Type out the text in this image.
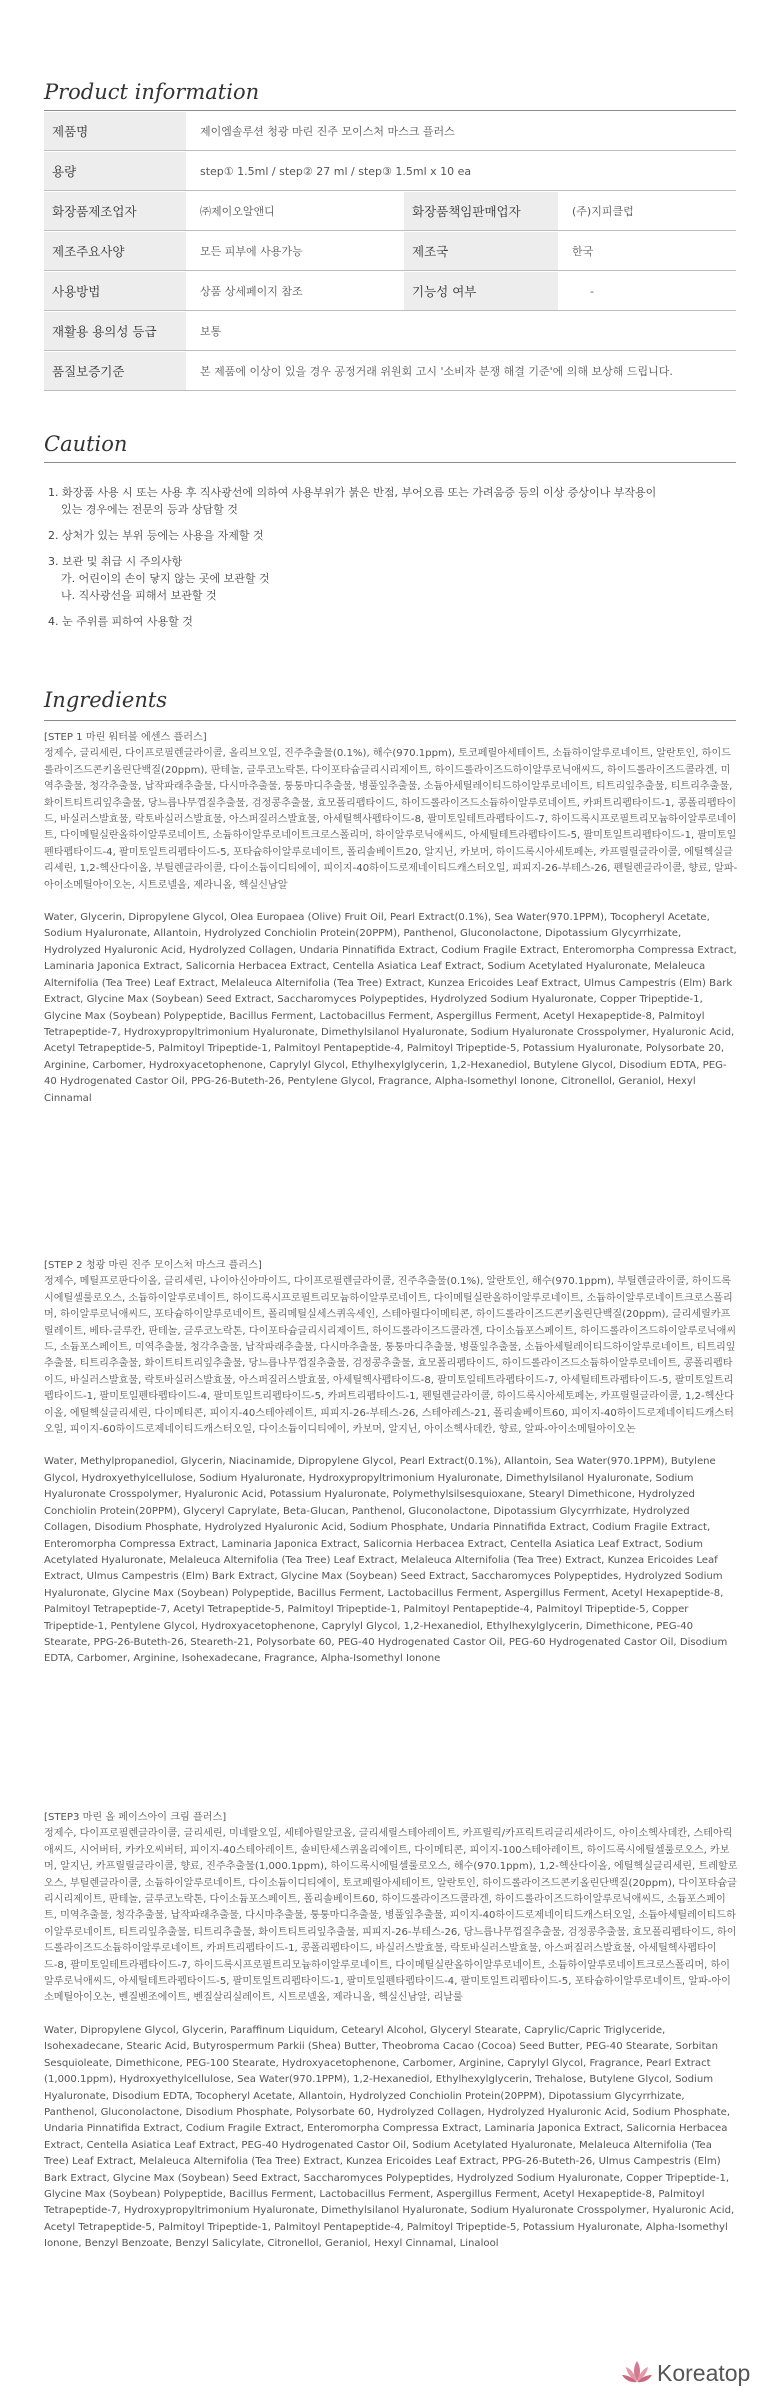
Product information
제품명	제이엠솔루션 청광 마린 진주 모이스처 마스크 플러스
용량	step① 1.5ml / step② 27 ml / step③ 1.5ml x 10 ea
화장품제조업자	㈜제이오알앤디	화장품책임판매업자	(주)지피클럽
제조주요사양	모든 피부에 사용가능	제조국	한국
사용방법	상품 상세페이지 참조	기능성 여부	-
재활용 용의성 등급	보통
품질보증기준	본 제품에 이상이 있을 경우 공정거래 위원회 고시 '소비자 분쟁 해결 기준'에 의해 보상해 드립니다.
Caution
1. 화장품 사용 시 또는 사용 후 직사광선에 의하여 사용부위가 붉은 반점, 부어오름 또는 가려움증 등의 이상 증상이나 부작용이
있는 경우에는 전문의 등과 상담할 것
2. 상처가 있는 부위 등에는 사용을 자제할 것
3. 보관 및 취급 시 주의사항
가. 어린이의 손이 닿지 않는 곳에 보관할 것
나. 직사광선을 피해서 보관할 것
4. 눈 주위를 피하여 사용할 것
Ingredients

[STEP 1 마린 워터볼 에센스 플러스]

정제수, 글리세린, 다이프로필렌글라이콜, 올리브오일, 진주추출물(0.1%), 해수(970.1ppm), 토코페릴아세테이트, 소듐하이알루로네이트, 알란토인, 하이드롤라이즈드콘키올린단백질(20ppm), 판테놀, 글루코노락톤, 다이포타슘글리시리제이트, 하이드롤라이즈드하이알루로닉애씨드, 하이드롤라이즈드콜라겐, 미역추출물, 청각추출물, 납작파래추출물, 다시마추출물, 퉁퉁마디추출물, 병풀잎추출물, 소듐아세틸레이티드하이알루로네이트, 티트리잎추출물, 티트리추출물, 화이트티트리잎추출물, 당느릅나무껍질추출물, 검정콩추출물, 효모폴리펩타이드, 하이드롤라이즈드소듐하이알루로네이트, 카퍼트리펩타이드-1, 콩폴리펩타이드, 바실러스발효물, 락토바실러스발효물, 아스퍼질러스발효물, 아세틸헥사펩타이드-8, 팔미토일테트라펩타이드-7, 하이드록시프로필트리모늄하이알루로네이트, 다이메틸실란올하이알루로네이트, 소듐하이알루로네이트크로스폴리머, 하이알루로닉애씨드, 아세틸테트라펩타이드-5, 팔미토일트리펩타이드-1, 팔미토일펜타펩타이드-4, 팔미토일트리펩타이드-5, 포타슘하이알루로네이트, 폴리솔베이트20, 알지닌, 카보머, 하이드록시아세토페논, 카프릴릴글라이콜, 에틸헥실글리세린, 1,2-헥산다이올, 부틸렌글라이콜, 다이소듐이디티에이, 피이지-40하이드로제네이티드캐스터오일, 피피지-26-부테스-26, 펜틸렌글라이콜, 향료, 알파-아이소메틸아이오논, 시트로넬올, 제라니올, 헥실신남알

Water, Glycerin, Dipropylene Glycol, Olea Europaea (Olive) Fruit Oil, Pearl Extract(0.1%), Sea Water(970.1PPM), Tocopheryl Acetate, Sodium Hyaluronate, Allantoin, Hydrolyzed Conchiolin Protein(20PPM), Panthenol, Gluconolactone, Dipotassium Glycyrrhizate, Hydrolyzed Hyaluronic Acid, Hydrolyzed Collagen, Undaria Pinnatifida Extract, Codium Fragile Extract, Enteromorpha Compressa Extract, Laminaria Japonica Extract, Salicornia Herbacea Extract, Centella Asiatica Leaf Extract, Sodium Acetylated Hyaluronate, Melaleuca Alternifolia (Tea Tree) Leaf Extract, Melaleuca Alternifolia (Tea Tree) Extract, Kunzea Ericoides Leaf Extract, Ulmus Campestris (Elm) Bark Extract, Glycine Max (Soybean) Seed Extract, Saccharomyces Polypeptides, Hydrolyzed Sodium Hyaluronate, Copper Tripeptide-1, Glycine Max (Soybean) Polypeptide, Bacillus Ferment, Lactobacillus Ferment, Aspergillus Ferment, Acetyl Hexapeptide-8, Palmitoyl Tetrapeptide-7, Hydroxypropyltrimonium Hyaluronate, Dimethylsilanol Hyaluronate, Sodium Hyaluronate Crosspolymer, Hyaluronic Acid, Acetyl Tetrapeptide-5, Palmitoyl Tripeptide-1, Palmitoyl Pentapeptide-4, Palmitoyl Tripeptide-5, Potassium Hyaluronate, Polysorbate 20, Arginine, Carbomer, Hydroxyacetophenone, Caprylyl Glycol, Ethylhexylglycerin, 1,2-Hexanediol, Butylene Glycol, Disodium EDTA, PEG-40 Hydrogenated Castor Oil, PPG-26-Buteth-26, Pentylene Glycol, Fragrance, Alpha-Isomethyl Ionone, Citronellol, Geraniol, Hexyl Cinnamal

[STEP 2 청광 마린 진주 모이스처 마스크 플러스]

정제수, 메틸프로판다이올, 글리세린, 나이아신아마이드, 다이프로필렌글라이콜, 진주추출물(0.1%), 알란토인, 해수(970.1ppm), 부틸렌글라이콜, 하이드록시에틸셀룰로오스, 소듐하이알루로네이트, 하이드록시프로필트리모늄하이알루로네이트, 다이메틸실란올하이알루로네이트, 소듐하이알루로네이트크로스폴리머, 하이알루로닉애씨드, 포타슘하이알루로네이트, 폴리메틸실세스퀴옥세인, 스테아릴다이메티콘, 하이드롤라이즈드콘키올린단백질(20ppm), 글리세릴카프릴레이트, 베타-글루칸, 판테놀, 글루코노락톤, 다이포타슘글리시리제이트, 하이드롤라이즈드콜라겐, 다이소듐포스페이트, 하이드롤라이즈드하이알루로닉애씨드, 소듐포스페이트, 미역추출물, 청각추출물, 납작파래추출물, 다시마추출물, 퉁퉁마디추출물, 병풀잎추출물, 소듐아세틸레이티드하이알루로네이트, 티트리잎추출물, 티트리추출물, 화이트티트리잎추출물, 당느릅나무껍질추출물, 검정콩추출물, 효모폴리펩타이드, 하이드롤라이즈드소듐하이알루로네이트, 콩폴리펩타이드, 바실러스발효물, 락토바실러스발효물, 아스퍼질러스발효물, 아세틸헥사펩타이드-8, 팔미토일테트라펩타이드-7, 아세틸테트라펩타이드-5, 팔미토일트리펩타이드-1, 팔미토일펜타펩타이드-4, 팔미토일트리펩타이드-5, 카퍼트리펩타이드-1, 펜틸렌글라이콜, 하이드록시아세토페논, 카프릴릴글라이콜, 1,2-헥산다이올, 에틸헥실글리세린, 다이메티콘, 피이지-40스테아레이트, 피피지-26-부테스-26, 스테아레스-21, 폴리솔베이트60, 피이지-40하이드로제네이티드캐스터오일, 피이지-60하이드로제네이티드캐스터오일, 다이소듐이디티에이, 카보머, 알지닌, 아이소헥사데칸, 향료, 알파-아이소메틸아이오논

Water, Methylpropanediol, Glycerin, Niacinamide, Dipropylene Glycol, Pearl Extract(0.1%), Allantoin, Sea Water(970.1PPM), Butylene Glycol, Hydroxyethylcellulose, Sodium Hyaluronate, Hydroxypropyltrimonium Hyaluronate, Dimethylsilanol Hyaluronate, Sodium Hyaluronate Crosspolymer, Hyaluronic Acid, Potassium Hyaluronate, Polymethylsilsesquioxane, Stearyl Dimethicone, Hydrolyzed Conchiolin Protein(20PPM), Glyceryl Caprylate, Beta-Glucan, Panthenol, Gluconolactone, Dipotassium Glycyrrhizate, Hydrolyzed Collagen, Disodium Phosphate, Hydrolyzed Hyaluronic Acid, Sodium Phosphate, Undaria Pinnatifida Extract, Codium Fragile Extract, Enteromorpha Compressa Extract, Laminaria Japonica Extract, Salicornia Herbacea Extract, Centella Asiatica Leaf Extract, Sodium Acetylated Hyaluronate, Melaleuca Alternifolia (Tea Tree) Leaf Extract, Melaleuca Alternifolia (Tea Tree) Extract, Kunzea Ericoides Leaf Extract, Ulmus Campestris (Elm) Bark Extract, Glycine Max (Soybean) Seed Extract, Saccharomyces Polypeptides, Hydrolyzed Sodium Hyaluronate, Glycine Max (Soybean) Polypeptide, Bacillus Ferment, Lactobacillus Ferment, Aspergillus Ferment, Acetyl Hexapeptide-8, Palmitoyl Tetrapeptide-7, Acetyl Tetrapeptide-5, Palmitoyl Tripeptide-1, Palmitoyl Pentapeptide-4, Palmitoyl Tripeptide-5, Copper Tripeptide-1, Pentylene Glycol, Hydroxyacetophenone, Caprylyl Glycol, 1,2-Hexanediol, Ethylhexylglycerin, Dimethicone, PEG-40 Stearate, PPG-26-Buteth-26, Steareth-21, Polysorbate 60, PEG-40 Hydrogenated Castor Oil, PEG-60 Hydrogenated Castor Oil, Disodium EDTA, Carbomer, Arginine, Isohexadecane, Fragrance, Alpha-Isomethyl Ionone

[STEP3 마린 올 페이스아이 크림 플러스]

정제수, 다이프로필렌글라이콜, 글리세린, 미네랄오일, 세테아릴알코올, 글리세릴스테아레이트, 카프릴릭/카프릭트리글리세라이드, 아이소헥사데칸, 스테아릭애씨드, 시어버터, 카카오씨버터, 피이지-40스테아레이트, 솔비탄세스퀴올리에이트, 다이메티콘, 피이지-100스테아레이트, 하이드록시에틸셀룰로오스, 카보머, 알지닌, 카프릴릴글라이콜, 향료, 진주추출물(1,000.1ppm), 하이드록시에틸셀룰로오스, 해수(970.1ppm), 1,2-헥산다이올, 에틸헥실글리세린, 트레할로오스, 부틸렌글라이콜, 소듐하이알루로네이트, 다이소듐이디티에이, 토코페릴아세테이트, 알란토인, 하이드롤라이즈드콘키올린단백질(20ppm), 다이포타슘글리시리제이트, 판테놀, 글루코노락톤, 다이소듐포스페이트, 폴리솔베이트60, 하이드롤라이즈드콜라겐, 하이드롤라이즈드하이알루로닉애씨드, 소듐포스페이트, 미역추출물, 청각추출물, 납작파래추출물, 다시마추출물, 퉁퉁마디추출물, 병풀잎추출물, 피이지-40하이드로제네이티드캐스터오일, 소듐아세틸레이티드하이알루로네이트, 티트리잎추출물, 티트리추출물, 화이트티트리잎추출물, 피피지-26-부테스-26, 당느릅나무껍질추출물, 검정콩추출물, 효모폴리펩타이드, 하이드롤라이즈드소듐하이알루로네이트, 카퍼트리펩타이드-1, 콩폴리펩타이드, 바실러스발효물, 락토바실러스발효물, 아스퍼질러스발효물, 아세틸헥사펩타이드-8, 팔미토일테트라펩타이드-7, 하이드록시프로필트리모늄하이알루로네이트, 다이메틸실란올하이알루로네이트, 소듐하이알루로네이트크로스폴리머, 하이알루로닉애씨드, 아세틸테트라펩타이드-5, 팔미토일트리펩타이드-1, 팔미토일펜타펩타이드-4, 팔미토일트리펩타이드-5, 포타슘하이알루로네이트, 알파-아이소메틸아이오논, 벤질벤조에이트, 벤질살리실레이트, 시트로넬올, 제라니올, 헥실신남알, 리날룰

Water, Dipropylene Glycol, Glycerin, Paraffinum Liquidum, Cetearyl Alcohol, Glyceryl Stearate, Caprylic/Capric Triglyceride, Isohexadecane, Stearic Acid, Butyrospermum Parkii (Shea) Butter, Theobroma Cacao (Cocoa) Seed Butter, PEG-40 Stearate, Sorbitan Sesquioleate, Dimethicone, PEG-100 Stearate, Hydroxyacetophenone, Carbomer, Arginine, Caprylyl Glycol, Fragrance, Pearl Extract (1,000.1ppm), Hydroxyethylcellulose, Sea Water(970.1PPM), 1,2-Hexanediol, Ethylhexylglycerin, Trehalose, Butylene Glycol, Sodium Hyaluronate, Disodium EDTA, Tocopheryl Acetate, Allantoin, Hydrolyzed Conchiolin Protein(20PPM), Dipotassium Glycyrrhizate, Panthenol, Gluconolactone, Disodium Phosphate, Polysorbate 60, Hydrolyzed Collagen, Hydrolyzed Hyaluronic Acid, Sodium Phosphate, Undaria Pinnatifida Extract, Codium Fragile Extract, Enteromorpha Compressa Extract, Laminaria Japonica Extract, Salicornia Herbacea Extract, Centella Asiatica Leaf Extract, PEG-40 Hydrogenated Castor Oil, Sodium Acetylated Hyaluronate, Melaleuca Alternifolia (Tea Tree) Leaf Extract, Melaleuca Alternifolia (Tea Tree) Extract, Kunzea Ericoides Leaf Extract, PPG-26-Buteth-26, Ulmus Campestris (Elm) Bark Extract, Glycine Max (Soybean) Seed Extract, Saccharomyces Polypeptides, Hydrolyzed Sodium Hyaluronate, Copper Tripeptide-1, Glycine Max (Soybean) Polypeptide, Bacillus Ferment, Lactobacillus Ferment, Aspergillus Ferment, Acetyl Hexapeptide-8, Palmitoyl Tetrapeptide-7, Hydroxypropyltrimonium Hyaluronate, Dimethylsilanol Hyaluronate, Sodium Hyaluronate Crosspolymer, Hyaluronic Acid, Acetyl Tetrapeptide-5, Palmitoyl Tripeptide-1, Palmitoyl Pentapeptide-4, Palmitoyl Tripeptide-5, Potassium Hyaluronate, Alpha-Isomethyl Ionone, Benzyl Benzoate, Benzyl Salicylate, Citronellol, Geraniol, Hexyl Cinnamal, Linalool

Koreatop
